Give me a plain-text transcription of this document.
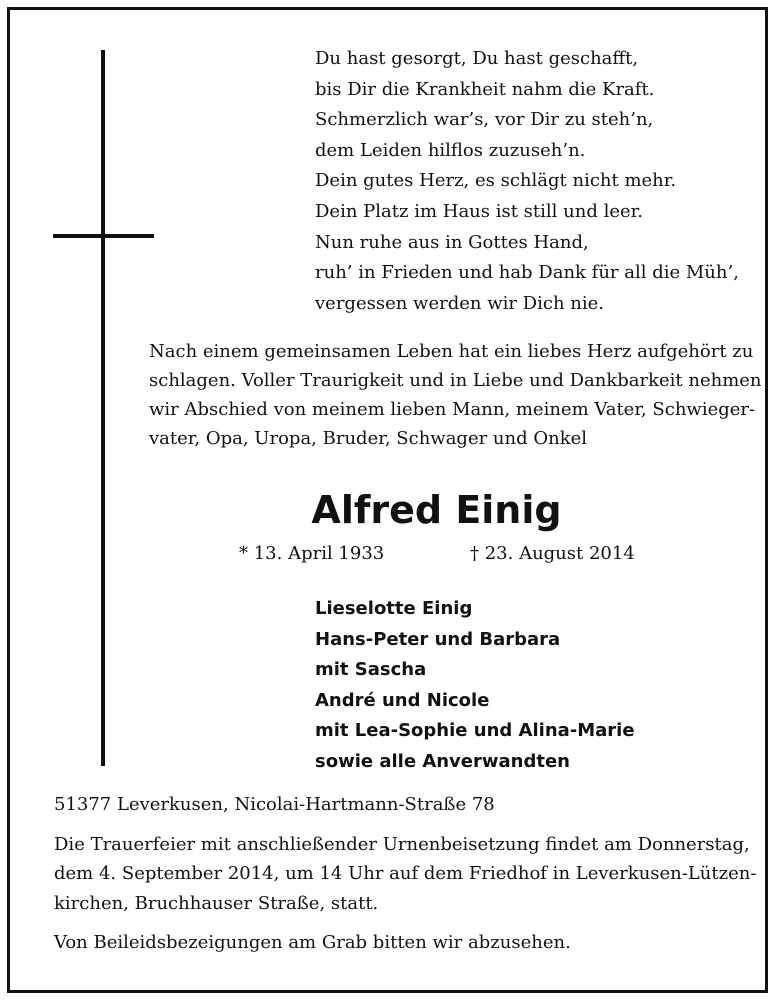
Du hast gesorgt, Du hast geschafft,
bis Dir die Krankheit nahm die Kraft.
Schmerzlich war’s, vor Dir zu steh’n,
dem Leiden hilflos zuzuseh’n.
Dein gutes Herz, es schlägt nicht mehr.
Dein Platz im Haus ist still und leer.
Nun ruhe aus in Gottes Hand,
ruh’ in Frieden und hab Dank für all die Müh’,
vergessen werden wir Dich nie.
Nach einem gemeinsamen Leben hat ein liebes Herz aufgehört zu
schlagen. Voller Traurigkeit und in Liebe und Dankbarkeit nehmen
wir Abschied von meinem lieben Mann, meinem Vater, Schwieger-
vater, Opa, Uropa, Bruder, Schwager und Onkel
Alfred Einig
* 13. April 1933	† 23. August 2014
Lieselotte Einig
Hans-Peter und Barbara
mit Sascha
André und Nicole
mit Lea-Sophie und Alina-Marie
sowie alle Anverwandten
51377 Leverkusen, Nicolai-Hartmann-Straße 78
Die Trauerfeier mit anschließender Urnenbeisetzung findet am Donnerstag,
dem 4. September 2014, um 14 Uhr auf dem Friedhof in Leverkusen-Lützen-
kirchen, Bruchhauser Straße, statt.
Von Beileidsbezeigungen am Grab bitten wir abzusehen.
